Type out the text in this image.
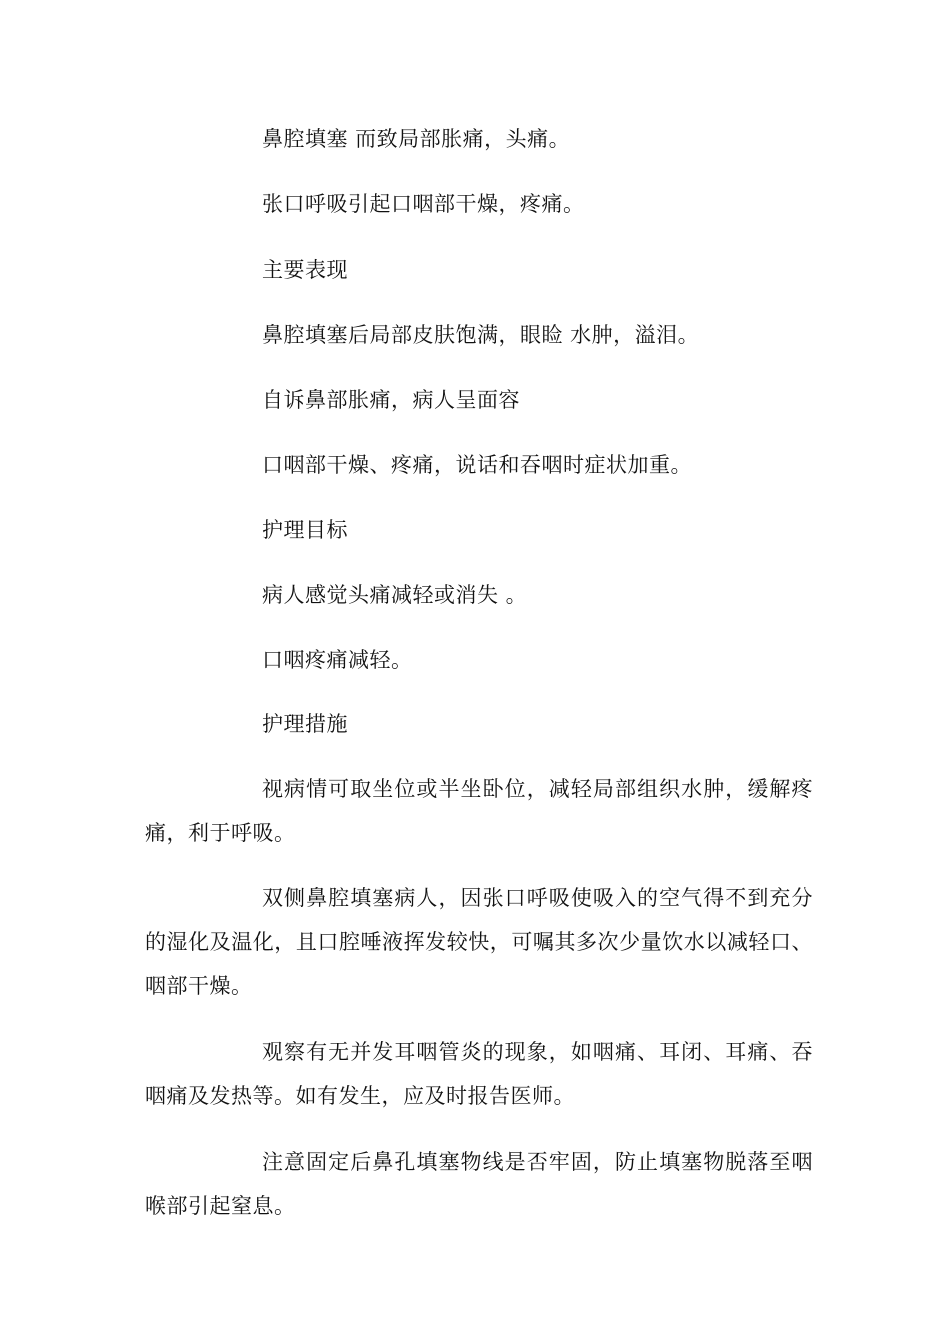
鼻腔填塞 而致局部胀痛，头痛。
张口呼吸引起口咽部干燥，疼痛。
主要表现
鼻腔填塞后局部皮肤饱满，眼睑 水肿，溢泪。
自诉鼻部胀痛，病人呈面容
口咽部干燥、疼痛，说话和吞咽时症状加重。
护理目标
病人感觉头痛减轻或消失 。
口咽疼痛减轻。
护理措施
视病情可取坐位或半坐卧位，减轻局部组织水肿，缓解疼痛，利于呼吸。
双侧鼻腔填塞病人，因张口呼吸使吸入的空气得不到充分的湿化及温化，且口腔唾液挥发较快，可嘱其多次少量饮水以减轻口、咽部干燥。
观察有无并发耳咽管炎的现象，如咽痛、耳闭、耳痛、吞咽痛及发热等。如有发生，应及时报告医师。
注意固定后鼻孔填塞物线是否牢固，防止填塞物脱落至咽喉部引起窒息。
